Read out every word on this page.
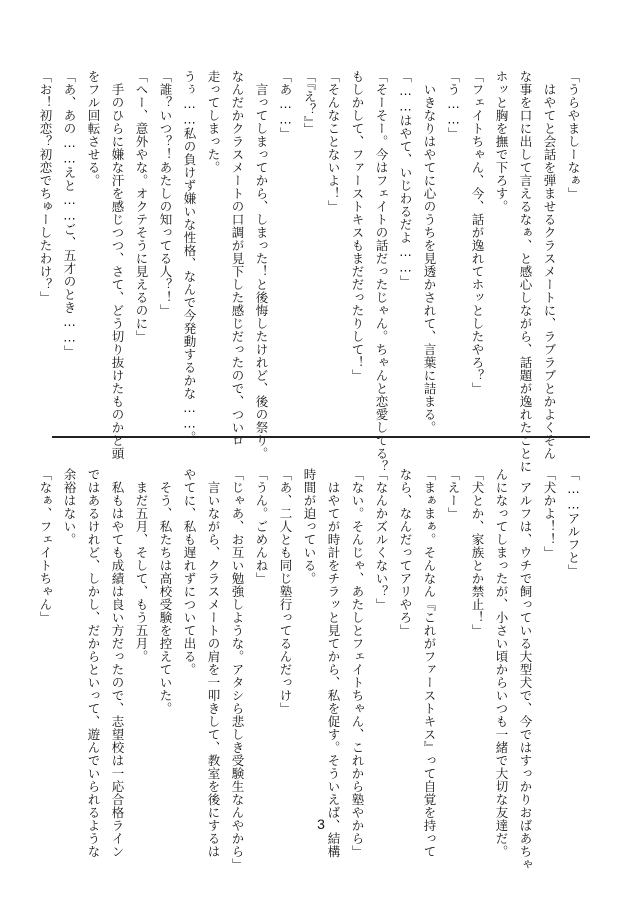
「うらやましーなぁ」

　はやてと会話を弾ませるクラスメートに、ラブラブとかよくそん

な事を口に出して言えるなぁ、と感心しながら、話題が逸れたことに

ホッと胸を撫で下ろす。

「フェイトちゃん、今、話が逸れてホッとしたやろ？」

「う……」

　いきなりはやてに心のうちを見透かされて、言葉に詰まる。

「……はやて、いじわるだよ……」

「そーそー。今はフェイトの話だったじゃん。ちゃんと恋愛してる？

もしかして、ファーストキスもまだだったりして！」

「そんなことないよ！」

「『え？』」

「あ……」

　言ってしまってから、しまった！と後悔したけれど、後の祭り。

なんだかクラスメートの口調が見下した感じだったので、ついロ

走ってしまった。

うぅ……私の負けず嫌いな性格、なんで今発動するかな……。

「誰？いつ？！あたしの知ってる人？！」

「へー、意外やな。オクテそうに見えるのに」

　手のひらに嫌な汗を感じつつ、さて、どう切り抜けたものかと頭

をフル回転させる。

「あ、あの……えと……ご、五才のとき……」

「お！初恋？初恋でちゅーしたわけ？」

「……アルフと」

「犬かよ！！」

　アルフは、ウチで飼っている大型犬で、今ではすっかりおばあちゃ

んになってしまったが、小さい頃からいつも一緒で大切な友達だ。

「犬とか、家族とか禁止！」

「えー」

「まぁまぁ。そんなん『これがファーストキス』って自覚を持って

なら、なんだってアリやろ」

「なんかズルくない？」

「ない。そんじゃ、あたしとフェイトちゃん、これから塾やから」

　はやてが時計をチラッと見てから、私を促す。そういえば、結構

時間が迫っている。

「あ、二人とも同じ塾行ってるんだっけ」

「うん。ごめんね」

「じゃあ、お互い勉強しような。アタシら悲しき受験生なんやから」

　言いながら、クラスメートの肩を一叩きして、教室を後にするは

やてに、私も遅れずについて出る。

　そう、私たちは高校受験を控えていた。

　まだ五月、そして、もう五月。

　私もはやても成績は良い方だったので、志望校は一応合格ライン

ではあるけれど、しかし、だからといって、遊んでいられるような

余裕はない。

「なぁ、フェイトちゃん」

3
